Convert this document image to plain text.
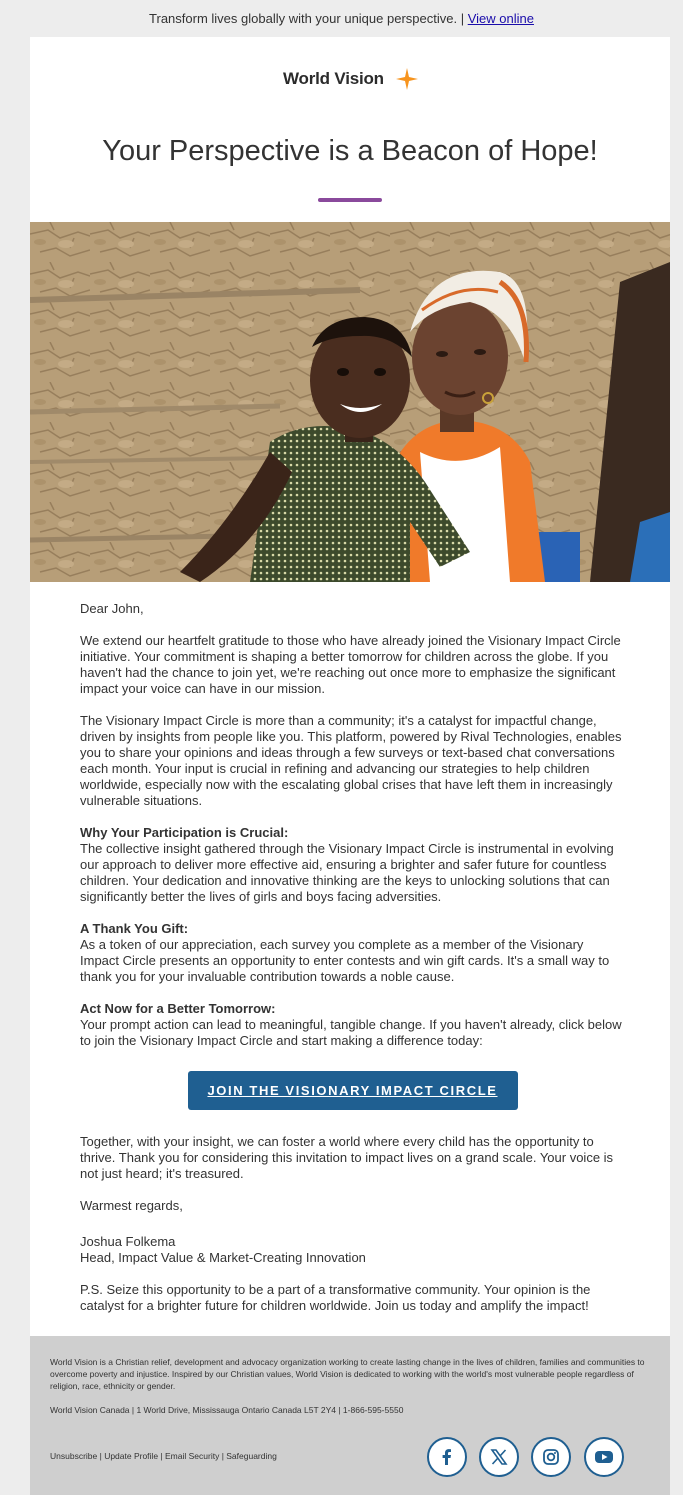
Transform lives globally with your unique perspective. | View online
World Vision
Your Perspective is a Beacon of Hope!

Dear John,

We extend our heartfelt gratitude to those who have already joined the Visionary Impact Circle initiative. Your commitment is shaping a better tomorrow for children across the globe. If you haven't had the chance to join yet, we're reaching out once more to emphasize the significant impact your voice can have in our mission.

The Visionary Impact Circle is more than a community; it's a catalyst for impactful change, driven by insights from people like you. This platform, powered by Rival Technologies, enables you to share your opinions and ideas through a few surveys or text-based chat conversations each month. Your input is crucial in refining and advancing our strategies to help children worldwide, especially now with the escalating global crises that have left them in increasingly vulnerable situations.

Why Your Participation is Crucial:
The collective insight gathered through the Visionary Impact Circle is instrumental in evolving our approach to deliver more effective aid, ensuring a brighter and safer future for countless children. Your dedication and innovative thinking are the keys to unlocking solutions that can significantly better the lives of girls and boys facing adversities.

A Thank You Gift:
As a token of our appreciation, each survey you complete as a member of the Visionary Impact Circle presents an opportunity to enter contests and win gift cards. It's a small way to thank you for your invaluable contribution towards a noble cause.

Act Now for a Better Tomorrow:
Your prompt action can lead to meaningful, tangible change. If you haven't already, click below to join the Visionary Impact Circle and start making a difference today:

JOIN THE VISIONARY IMPACT CIRCLE

Together, with your insight, we can foster a world where every child has the opportunity to thrive. Thank you for considering this invitation to impact lives on a grand scale. Your voice is not just heard; it's treasured.

Warmest regards,

Joshua Folkema
Head, Impact Value & Market-Creating Innovation

P.S. Seize this opportunity to be a part of a transformative community. Your opinion is the catalyst for a brighter future for children worldwide. Join us today and amplify the impact!

World Vision is a Christian relief, development and advocacy organization working to create lasting change in the lives of children, families and communities to overcome poverty and injustice. Inspired by our Christian values, World Vision is dedicated to working with the world's most vulnerable people regardless of religion, race, ethnicity or gender.
World Vision Canada | 1 World Drive, Mississauga Ontario Canada L5T 2Y4 | 1-866-595-5550
Unsubscribe | Update Profile | Email Security | Safeguarding
